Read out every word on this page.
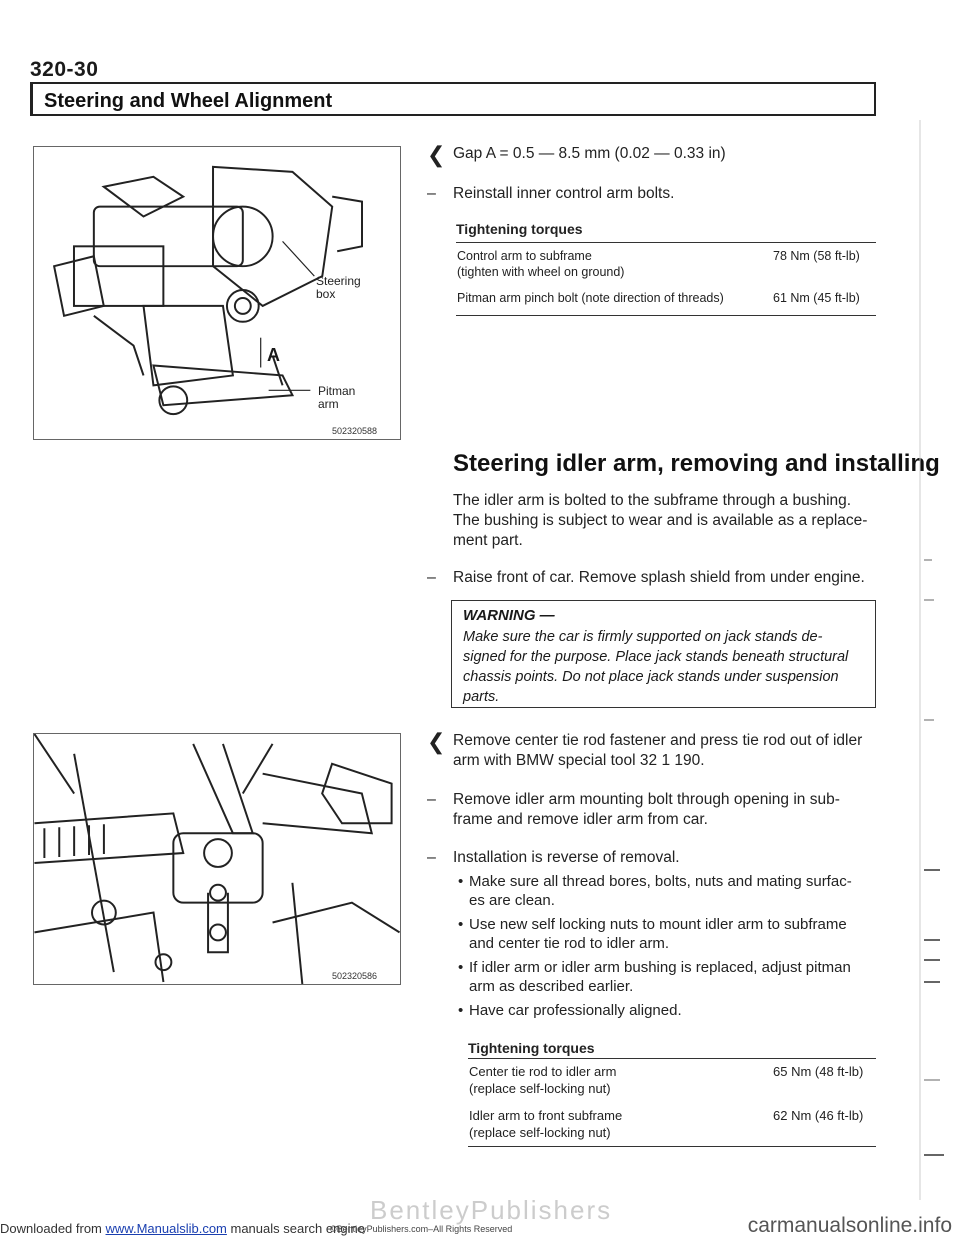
320-30
Steering and Wheel Alignment
Steering box
A
Pitman arm
502320588
502320586
❮ Gap A = 0.5 — 8.5 mm (0.02 — 0.33 in)
– Reinstall inner control arm bolts.
Tightening torques
Control arm to subframe	78 Nm (58 ft-lb)
(tighten with wheel on ground)
Pitman arm pinch bolt (note direction of threads)	61 Nm (45 ft-lb)
Steering idler arm, removing and installing
The idler arm is bolted to the subframe through a bushing.
The bushing is subject to wear and is available as a replace-
ment part.
– Raise front of car. Remove splash shield from under engine.
WARNING —
Make sure the car is firmly supported on jack stands de-
signed for the purpose. Place jack stands beneath structural
chassis points. Do not place jack stands under suspension
parts.
❮ Remove center tie rod fastener and press tie rod out of idler
arm with BMW special tool 32 1 190.
– Remove idler arm mounting bolt through opening in sub-
frame and remove idler arm from car.
– Installation is reverse of removal.
• Make sure all thread bores, bolts, nuts and mating surfac-
es are clean.
• Use new self locking nuts to mount idler arm to subframe
and center tie rod to idler arm.
• If idler arm or idler arm bushing is replaced, adjust pitman
arm as described earlier.
• Have car professionally aligned.
Tightening torques
Center tie rod to idler arm	65 Nm (48 ft-lb)
(replace self-locking nut)
Idler arm to front subframe	62 Nm (46 ft-lb)
(replace self-locking nut)
BentleyPublishers
Downloaded from www.Manualslib.com manuals search engine
©BentleyPublishers.com–All Rights Reserved	carmanualsonline.info
